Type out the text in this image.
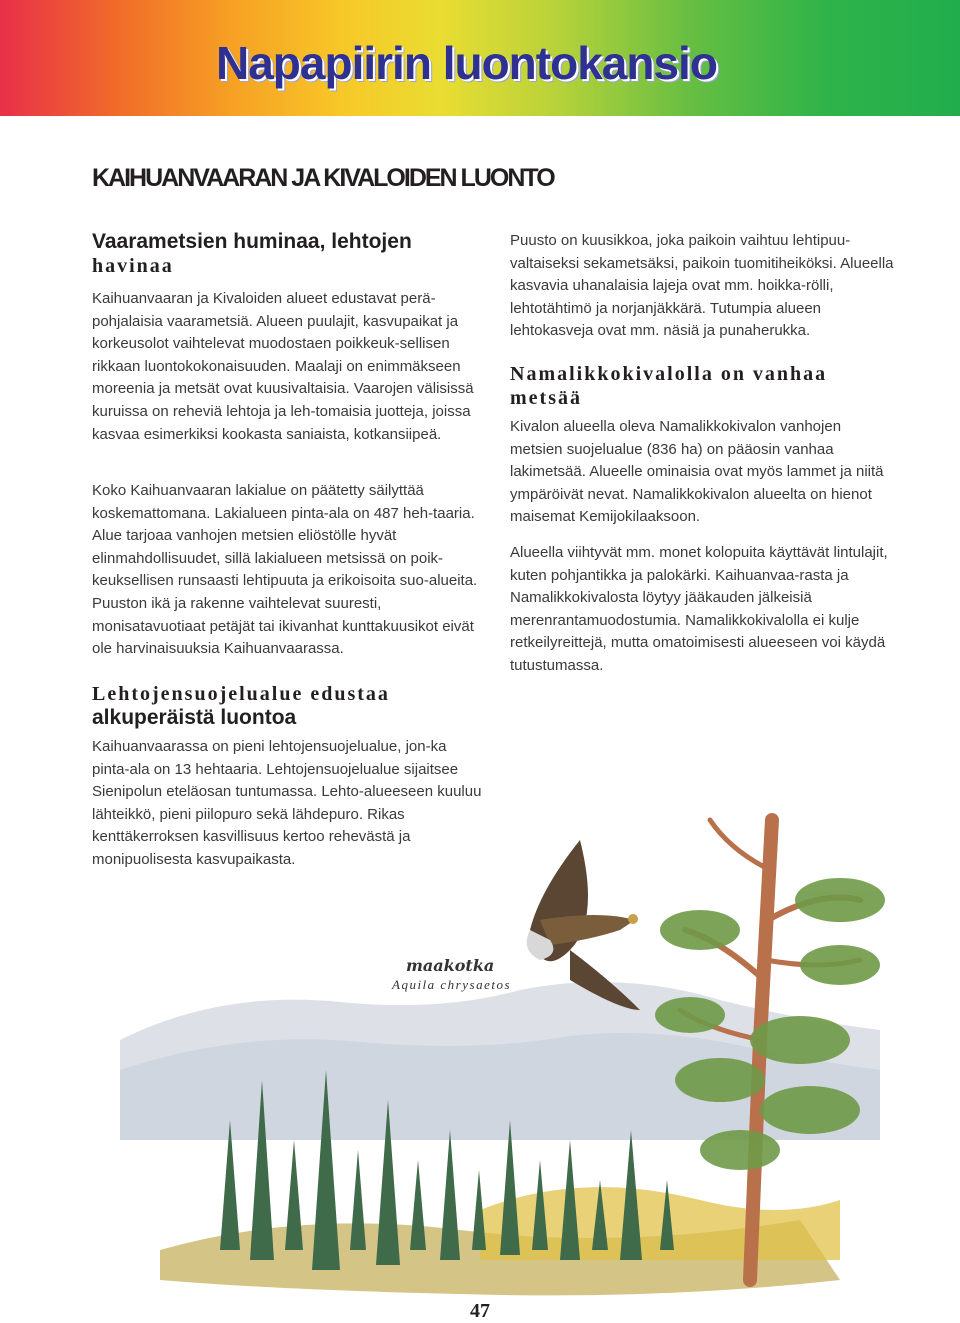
Napapiirin luontokansio
KAIHUANVAARAN JA KIVALOIDEN LUONTO
Vaarametsien huminaa, lehtojen
havinaa

Kaihuanvaaran ja Kivaloiden alueet edustavat perä-pohjalaisia vaarametsiä. Alueen puulajit, kasvupaikat ja korkeusolot vaihtelevat muodostaen poikkeuk-sellisen rikkaan luontokokonaisuuden. Maalaji on enimmäkseen moreenia ja metsät ovat kuusivaltaisia. Vaarojen välisissä kuruissa on reheviä lehtoja ja leh-tomaisia juotteja, joissa kasvaa esimerkiksi kookasta saniaista, kotkansiipeä.

Koko Kaihuanvaaran lakialue on päätetty säilyttää koskemattomana. Lakialueen pinta-ala on 487 heh-taaria. Alue tarjoaa vanhojen metsien eliöstölle hyvät elinmahdollisuudet, sillä lakialueen metsissä on poik-keuksellisen runsaasti lehtipuuta ja erikoisoita suo-alueita. Puuston ikä ja rakenne vaihtelevat suuresti, monisatavuotiaat petäjät tai ikivanhat kunttakuusikot eivät ole harvinaisuuksia Kaihuanvaarassa.

Lehtojensuojelualue edustaa
alkuperäistä luontoa

Kaihuanvaarassa on pieni lehtojensuojelualue, jon-ka pinta-ala on 13 hehtaaria. Lehtojensuojelualue sijaitsee Sienipolun eteläosan tuntumassa. Lehto-alueeseen kuuluu lähteikkö, pieni piilopuro sekä lähdepuro. Rikas kenttäkerroksen kasvillisuus kertoo rehevästä ja monipuolisesta kasvupaikasta.

Puusto on kuusikkoa, joka paikoin vaihtuu lehtipuu-valtaiseksi sekametsäksi, paikoin tuomitiheiköksi. Alueella kasvavia uhanalaisia lajeja ovat mm. hoikka-rölli, lehtotähtimö ja norjanjäkkärä. Tutumpia alueen lehtokasveja ovat mm. näsiä ja punaherukka.

Namalikkokivalolla on vanhaa
metsää

Kivalon alueella oleva Namalikkokivalon vanhojen metsien suojelualue (836 ha) on pääosin vanhaa lakimetsää. Alueelle ominaisia ovat myös lammet ja niitä ympäröivät nevat. Namalikkokivalon alueelta on hienot maisemat Kemijokilaaksoon.

Alueella viihtyvät mm. monet kolopuita käyttävät lintulajit, kuten pohjantikka ja palokärki. Kaihuanvaa-rasta ja Namalikkokivalosta löytyy jääkauden jälkeisiä merenrantamuodostumia. Namalikkokivalolla ei kulje retkeilyreittejä, mutta omatoimisesti alueeseen voi käydä tutustumassa.

maakotka
Aquila chrysaetos
47
